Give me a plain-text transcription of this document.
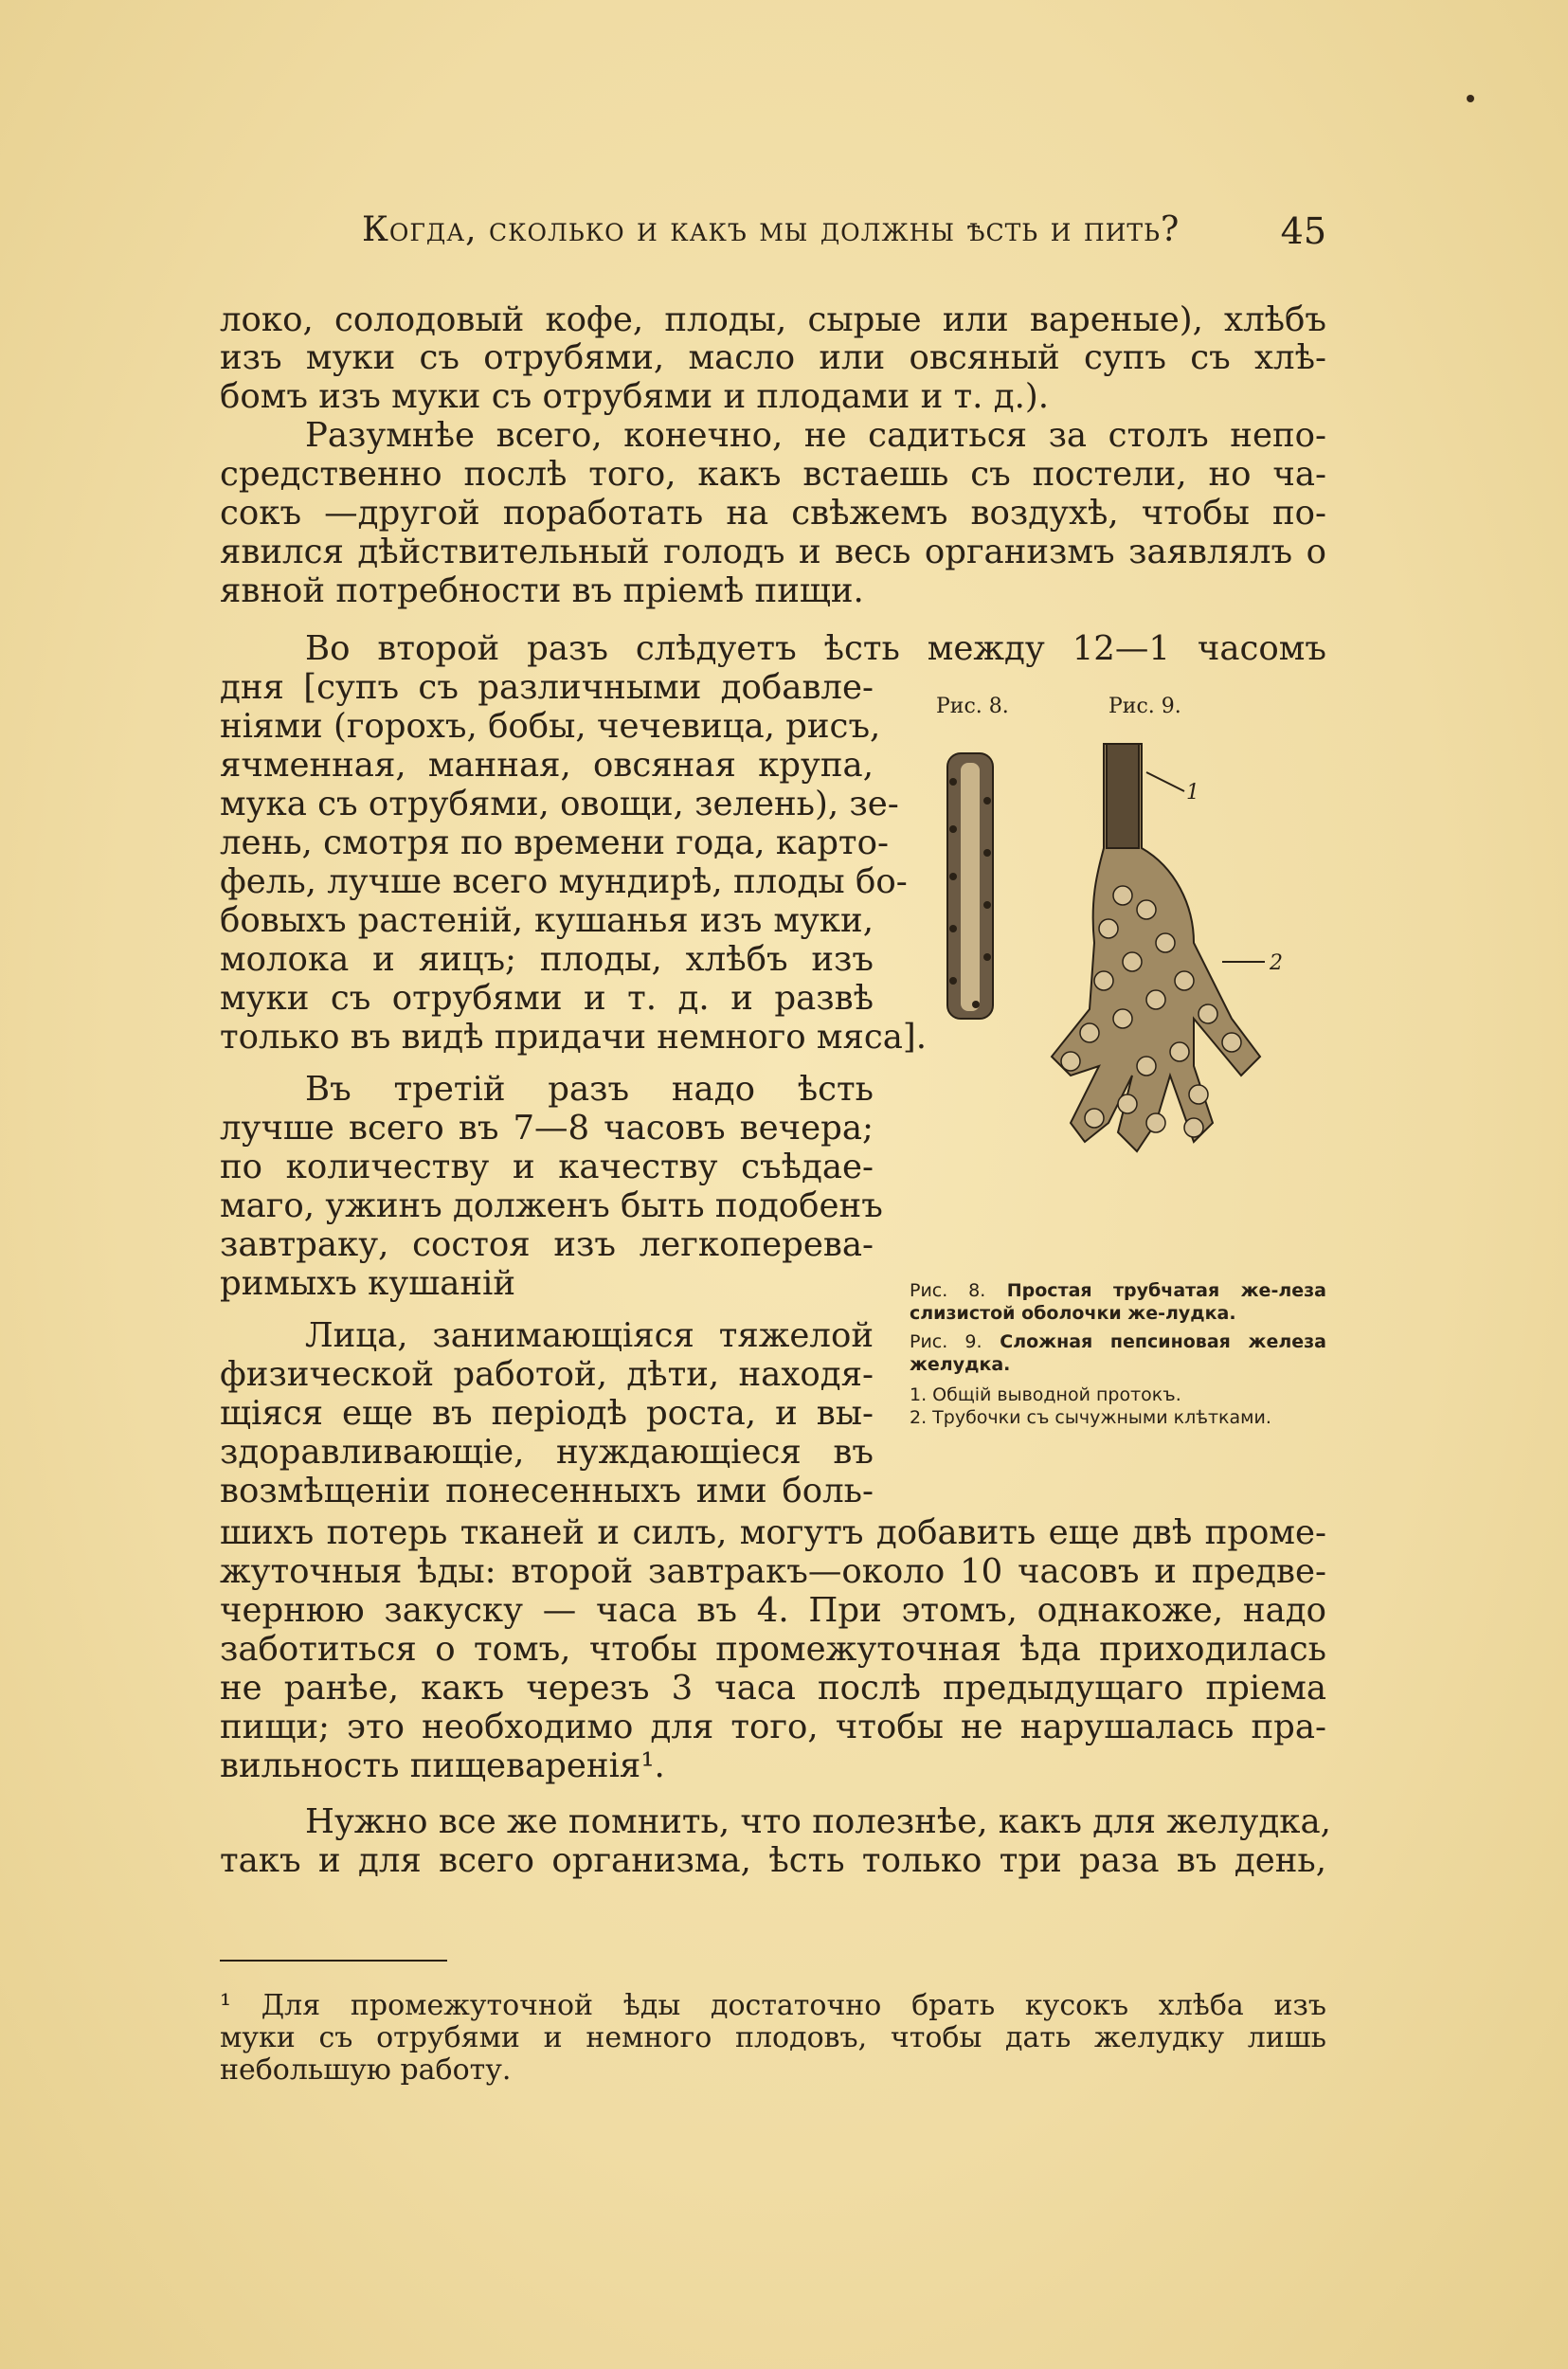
Когда, сколько и какъ мы должны ѣсть и пить?	45
локо, солодовый кофе, плоды, сырые или вареные), хлѣбъ
изъ муки съ отрубями, масло или овсяный супъ съ хлѣ-
бомъ изъ муки съ отрубями и плодами и т. д.).
Разумнѣе всего, конечно, не садиться за столъ непо-
средственно послѣ того, какъ встаешь съ постели, но ча-
сокъ —другой поработать на свѣжемъ воздухѣ, чтобы по-
явился дѣйствительный голодъ и весь организмъ заявлялъ о
явной потребности въ пріемѣ пищи.
Во второй разъ слѣдуетъ ѣсть между 12—1 часомъ
дня [супъ съ различными добавле-
ніями (горохъ, бобы, чечевица, рисъ,
ячменная, манная, овсяная крупа,
мука съ отрубями, овощи, зелень), зе-
лень, смотря по времени года, карто-
фель, лучше всего мундирѣ, плоды бо-
бовыхъ растеній, кушанья изъ муки,
молока и яицъ; плоды, хлѣбъ изъ
муки съ отрубями и т. д. и развѣ
только въ видѣ придачи немного мяса].
Въ третій разъ надо ѣсть
лучше всего въ 7—8 часовъ вечера;
по количеству и качеству съѣдае-
маго, ужинъ долженъ быть подобенъ
завтраку, состоя изъ легкоперева-
римыхъ кушаній
Лица, занимающіяся тяжелой
физической работой, дѣти, находя-
щіяся еще въ періодѣ роста, и вы-
здоравливающіе, нуждающіеся въ
возмѣщеніи понесенныхъ ими боль-
шихъ потерь тканей и силъ, могутъ добавить еще двѣ проме-
жуточныя ѣды: второй завтракъ—около 10 часовъ и предве-
чернюю закуску — часа въ 4. При этомъ, однакоже, надо
заботиться о томъ, чтобы промежуточная ѣда приходилась
не ранѣе, какъ черезъ 3 часа послѣ предыдущаго пріема
пищи; это необходимо для того, чтобы не нарушалась пра-
вильность пищеваренія¹.
Нужно все же помнить, что полезнѣе, какъ для желудка,
такъ и для всего организма, ѣсть только три раза въ день,
Рис. 8.	Рис. 9.
1
2
Рис. 8. Простая трубчатая же-леза слизистой оболочки же-лудка.
Рис. 9. Сложная пепсиновая железа желудка.
1. Общій выводной протокъ.
2. Трубочки съ сычужными клѣтками.
¹ Для промежуточной ѣды достаточно брать кусокъ хлѣба изъ
муки съ отрубями и немного плодовъ, чтобы дать желудку лишь
небольшую работу.
